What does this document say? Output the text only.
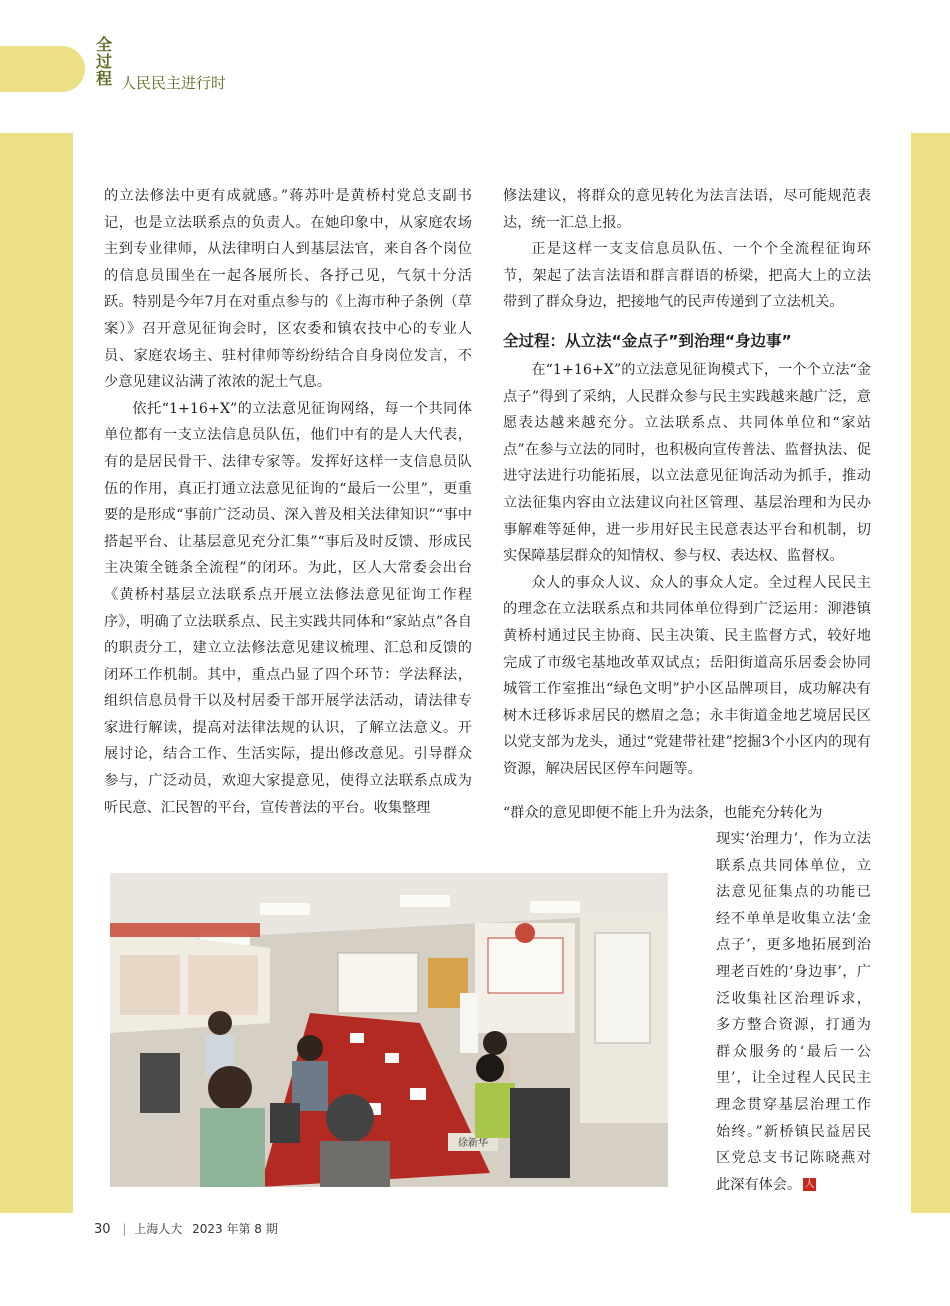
全
过
程 人民民主进行时

的立法修法中更有成就感。”蒋苏叶是黄桥村党总支副书记，也是立法联系点的负责人。在她印象中，从家庭农场主到专业律师，从法律明白人到基层法官，来自各个岗位的信息员围坐在一起各展所长、各抒己见，气氛十分活跃。特别是今年7月在对重点参与的《上海市种子条例（草案）》召开意见征询会时，区农委和镇农技中心的专业人员、家庭农场主、驻村律师等纷纷结合自身岗位发言，不少意见建议沾满了浓浓的泥土气息。

依托“1+16+X”的立法意见征询网络，每一个共同体单位都有一支立法信息员队伍，他们中有的是人大代表，有的是居民骨干、法律专家等。发挥好这样一支信息员队伍的作用，真正打通立法意见征询的“最后一公里”，更重要的是形成“事前广泛动员、深入普及相关法律知识”“事中搭起平台、让基层意见充分汇集”“事后及时反馈、形成民主决策全链条全流程”的闭环。为此，区人大常委会出台《黄桥村基层立法联系点开展立法修法意见征询工作程序》，明确了立法联系点、民主实践共同体和“家站点”各自的职责分工，建立立法修法意见建议梳理、汇总和反馈的闭环工作机制。其中，重点凸显了四个环节：学法释法，组织信息员骨干以及村居委干部开展学法活动，请法律专家进行解读，提高对法律法规的认识，了解立法意义。开展讨论，结合工作、生活实际，提出修改意见。引导群众参与，广泛动员，欢迎大家提意见，使得立法联系点成为听民意、汇民智的平台，宣传普法的平台。收集整理

修法建议，将群众的意见转化为法言法语，尽可能规范表达，统一汇总上报。

正是这样一支支信息员队伍、一个个全流程征询环节，架起了法言法语和群言群语的桥梁，把高大上的立法带到了群众身边，把接地气的民声传递到了立法机关。

全过程：从立法“金点子”到治理“身边事”

在“1+16+X”的立法意见征询模式下，一个个立法“金点子”得到了采纳，人民群众参与民主实践越来越广泛，意愿表达越来越充分。立法联系点、共同体单位和“家站点”在参与立法的同时，也积极向宣传普法、监督执法、促进守法进行功能拓展，以立法意见征询活动为抓手，推动立法征集内容由立法建议向社区管理、基层治理和为民办事解难等延伸，进一步用好民主民意表达平台和机制，切实保障基层群众的知情权、参与权、表达权、监督权。

众人的事众人议、众人的事众人定。全过程人民民主的理念在立法联系点和共同体单位得到广泛运用：泖港镇黄桥村通过民主协商、民主决策、民主监督方式，较好地完成了市级宅基地改革双试点；岳阳街道高乐居委会协同城管工作室推出“绿色文明”护小区品牌项目，成功解决有树木迁移诉求居民的燃眉之急；永丰街道金地艺境居民区以党支部为龙头，通过“党建带社建”挖掘3个小区内的现有资源，解决居民区停车问题等。

“群众的意见即便不能上升为法条，也能充分转化为

现实‘治理力’，作为立法联系点共同体单位，立法意见征集点的功能已经不单单是收集立法‘金点子’，更多地拓展到治理老百姓的‘身边事’，广泛收集社区治理诉求，多方整合资源，打通为群众服务的‘最后一公里’，让全过程人民民主理念贯穿基层治理工作始终。”新桥镇民益居民区党总支书记陈晓燕对此深有体会。 人
徐新华
30 | 上海人大 2023 年第 8 期
